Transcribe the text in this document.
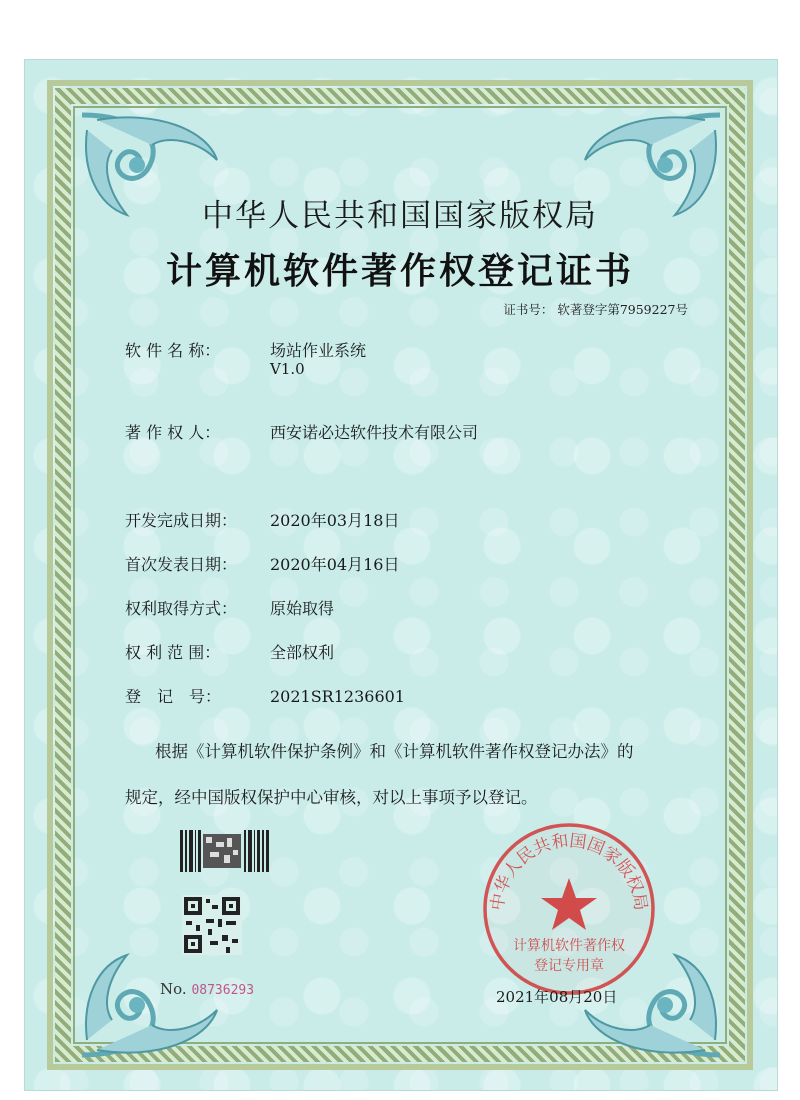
中华人民共和国国家版权局
计算机软件著作权登记证书
证书号： 软著登字第7959227号
软 件 名 称：	场站作业系统
V1.0
著 作 权 人：	西安诺必达软件技术有限公司
开发完成日期： 2020年03月18日
首次发表日期： 2020年04月16日
权利取得方式： 原始取得
权 利 范 围：	全部权利
登　记　号：	2021SR1236601
根据《计算机软件保护条例》和《计算机软件著作权登记办法》的
规定，经中国版权保护中心审核，对以上事项予以登记。
No. 08736293
中华人民共和国国家版权局
计算机软件著作权
登记专用章
2021年08月20日
